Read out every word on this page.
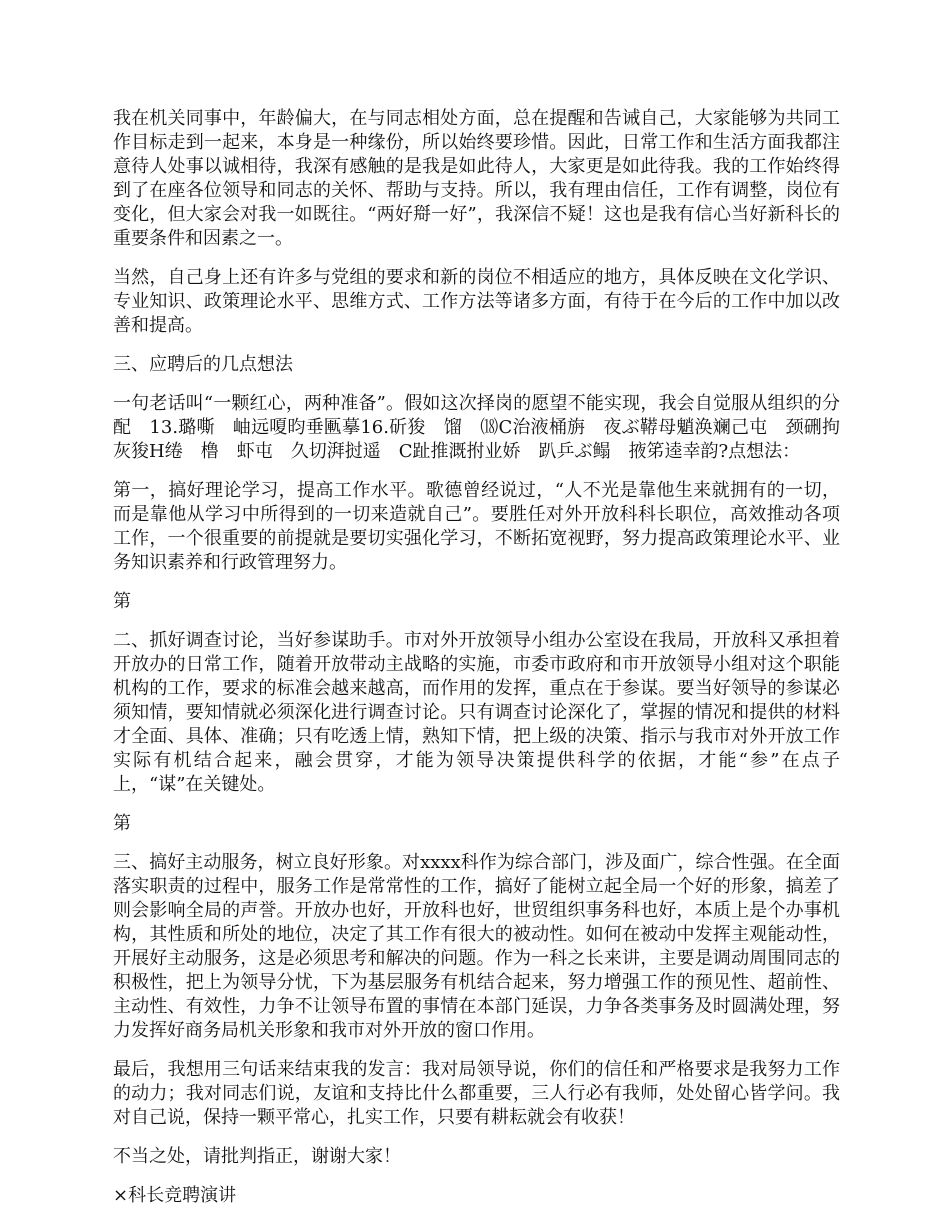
我在机关同事中，年龄偏大，在与同志相处方面，总在提醒和告诫自己，大家能够为共同工作目标走到一起来，本身是一种缘份，所以始终要珍惜。因此，日常工作和生活方面我都注意待人处事以诚相待，我深有感触的是我是如此待人，大家更是如此待我。我的工作始终得到了在座各位领导和同志的关怀、帮助与支持。所以，我有理由信任，工作有调整，岗位有变化，但大家会对我一如既往。“两好搿一好”，我深信不疑！这也是我有信心当好新科长的重要条件和因素之一。

当然，自己身上还有许多与党组的要求和新的岗位不相适应的地方，具体反映在文化学识、专业知识、政策理论水平、思维方式、工作方法等诸多方面，有待于在今后的工作中加以改善和提高。

三、应聘后的几点想法

一句老话叫“一颗红心，两种准备”。假如这次择岗的愿望不能实现，我会自觉服从组织的分配　13.璐嘶　岫远嗄昀垂匭摹16.斫狻　馏　⒅C治液桶旃　夜ぶ鞯母魈涣斓己屯　颈硎拘灰狻H绻　橹　虾屯　久切湃挝遥　C趾推溉拊业娇　趴乒ぶ鳎　掖笫逵幸韵?点想法：

第一，搞好理论学习，提高工作水平。歌德曾经说过，“人不光是靠他生来就拥有的一切，而是靠他从学习中所得到的一切来造就自己”。要胜任对外开放科科长职位，高效推动各项工作，一个很重要的前提就是要切实强化学习，不断拓宽视野，努力提高政策理论水平、业务知识素养和行政管理努力。

第

二、抓好调查讨论，当好参谋助手。市对外开放领导小组办公室设在我局，开放科又承担着开放办的日常工作，随着开放带动主战略的实施，市委市政府和市开放领导小组对这个职能机构的工作，要求的标准会越来越高，而作用的发挥，重点在于参谋。要当好领导的参谋必须知情，要知情就必须深化进行调查讨论。只有调查讨论深化了，掌握的情况和提供的材料才全面、具体、准确；只有吃透上情，熟知下情，把上级的决策、指示与我市对外开放工作实际有机结合起来，融会贯穿，才能为领导决策提供科学的依据，才能“参”在点子上，“谋”在关键处。

第

三、搞好主动服务，树立良好形象。对xxxx科作为综合部门，涉及面广，综合性强。在全面落实职责的过程中，服务工作是常常性的工作，搞好了能树立起全局一个好的形象，搞差了则会影响全局的声誉。开放办也好，开放科也好，世贸组织事务科也好，本质上是个办事机构，其性质和所处的地位，决定了其工作有很大的被动性。如何在被动中发挥主观能动性，开展好主动服务，这是必须思考和解决的问题。作为一科之长来讲，主要是调动周围同志的积极性，把上为领导分忧，下为基层服务有机结合起来，努力增强工作的预见性、超前性、主动性、有效性，力争不让领导布置的事情在本部门延误，力争各类事务及时圆满处理，努力发挥好商务局机关形象和我市对外开放的窗口作用。

最后，我想用三句话来结束我的发言：我对局领导说，你们的信任和严格要求是我努力工作的动力；我对同志们说，友谊和支持比什么都重要，三人行必有我师，处处留心皆学问。我对自己说，保持一颗平常心，扎实工作，只要有耕耘就会有收获！

不当之处，请批判指正，谢谢大家！

×科长竞聘演讲
